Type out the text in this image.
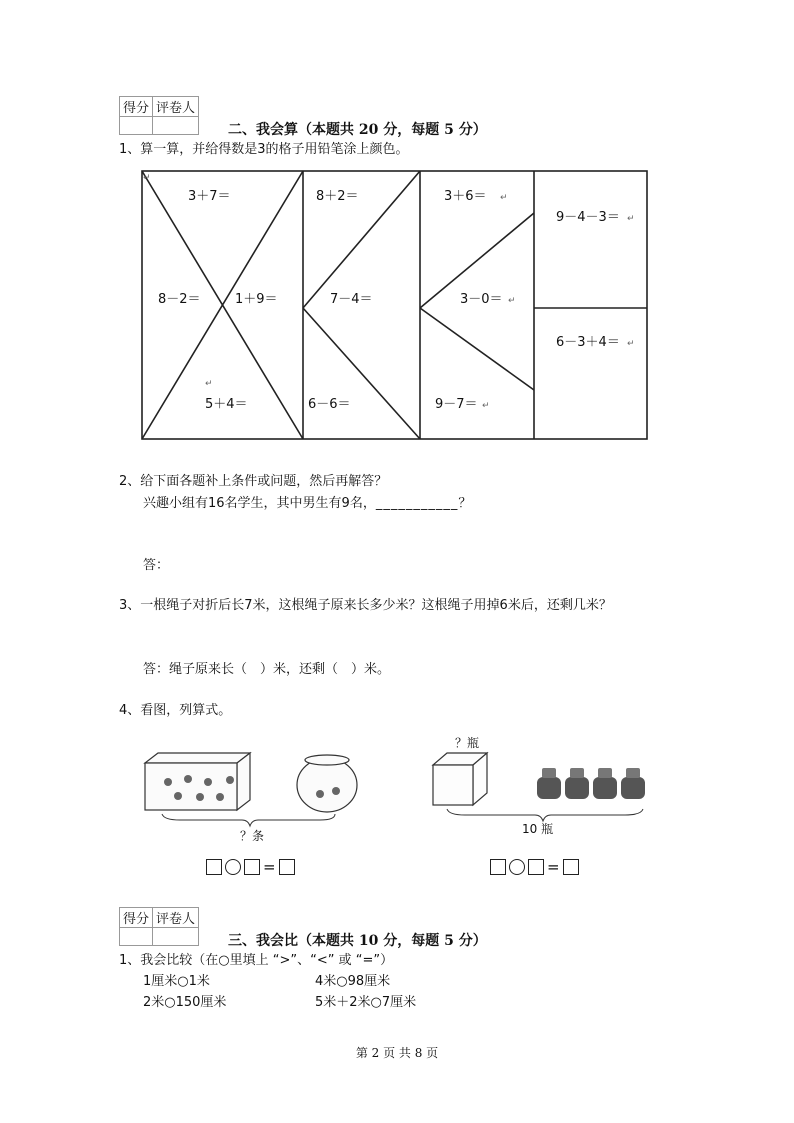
得分	评卷人

二、我会算（本题共 20 分，每题 5 分）
1、算一算，并给得数是3的格子用铅笔涂上颜色。
3＋7＝	8＋2＝	3＋6＝
9－4－3＝
8－2＝	1＋9＝	7－4＝	3－0＝
6－3＋4＝
5＋4＝	6－6＝	9－7＝
↵
↵
↵
↵
↵
↵
↵
2、给下面各题补上条件或问题，然后再解答？
兴趣小组有16名学生，其中男生有9名，___________？
答：
3、一根绳子对折后长7米，这根绳子原来长多少米？这根绳子用掉6米后，还剩几米？
答：绳子原来长（　）米，还剩（　）米。
4、看图，列算式。
？条
？瓶
10 瓶
=	=
得分	评卷人

三、我会比（本题共 10 分，每题 5 分）
1、我会比较（在○里填上 “>”、“<” 或 “=”）
1厘米○1米	4米○98厘米
2米○150厘米	5米＋2米○7厘米
第 2 页 共 8 页
